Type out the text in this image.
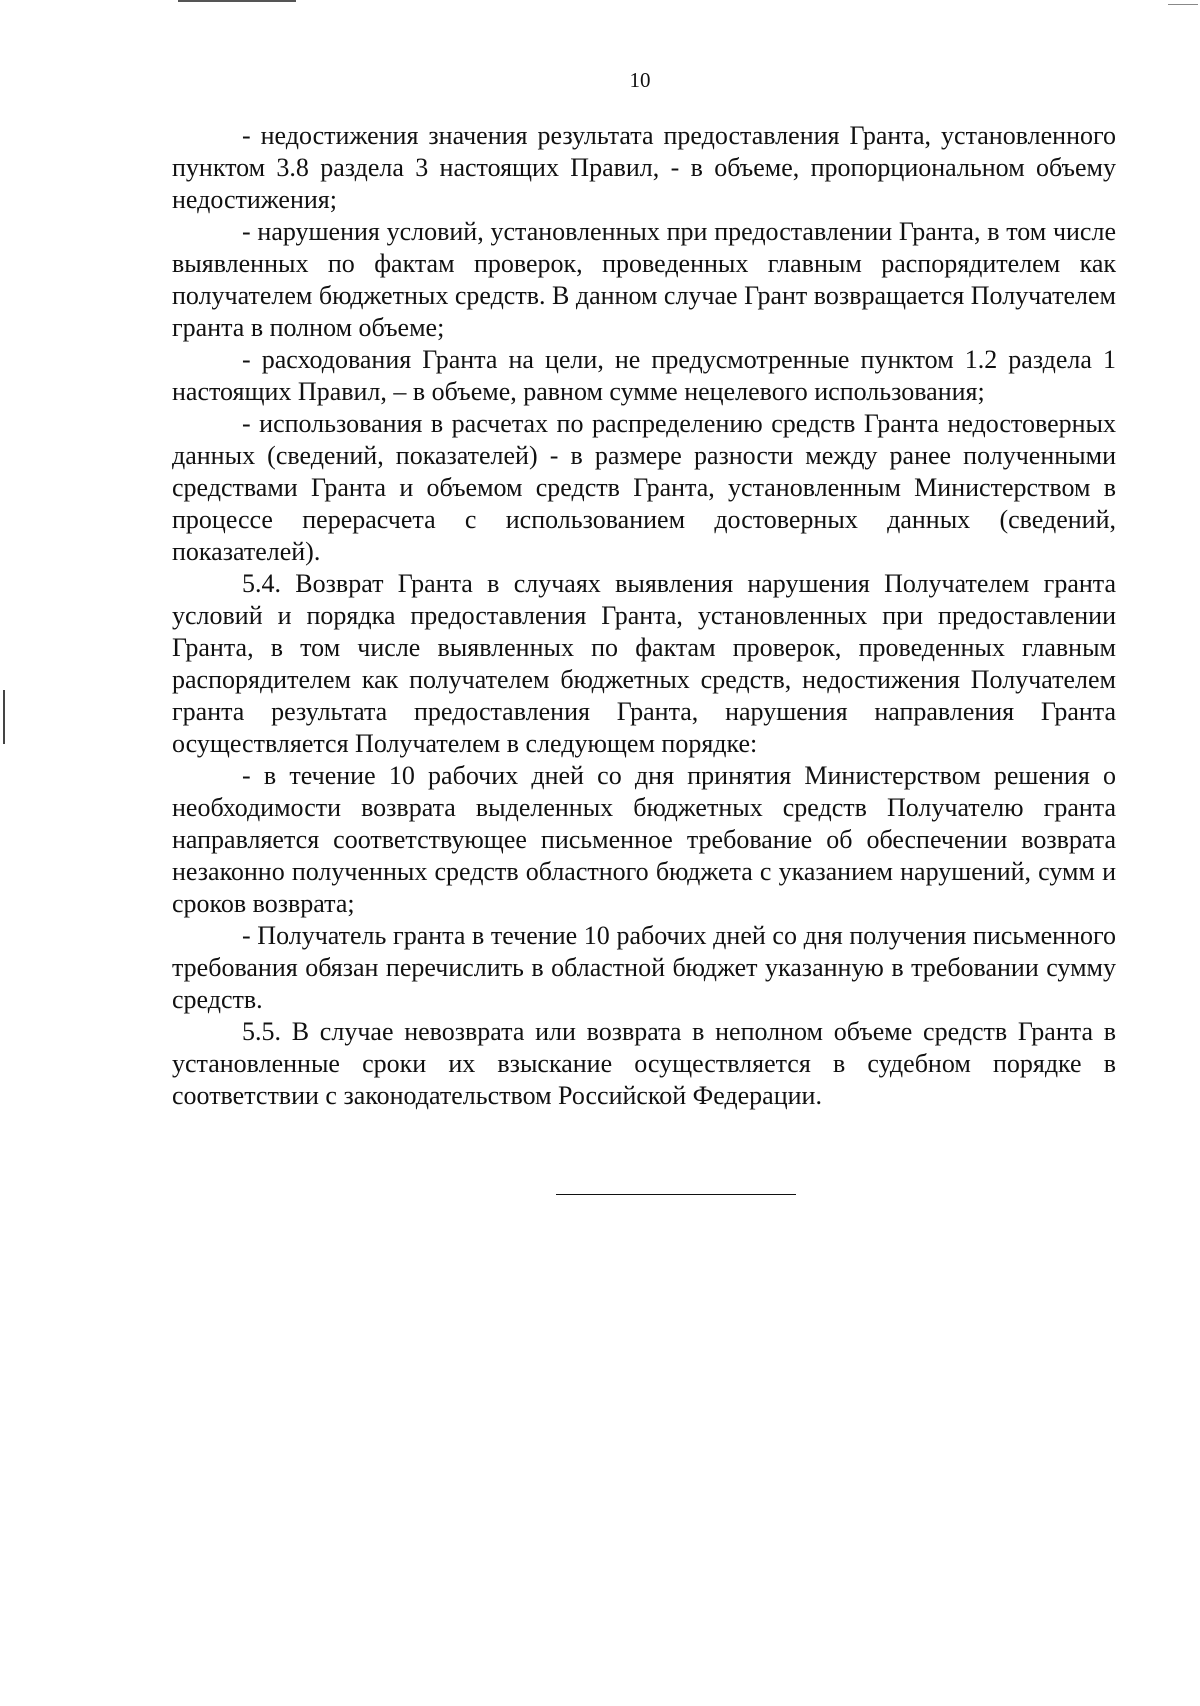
10

- недостижения значения результата предоставления Гранта, установленного пунктом 3.8 раздела 3 настоящих Правил, - в объеме, пропорциональном объему недостижения;

- нарушения условий, установленных при предоставлении Гранта, в том числе выявленных по фактам проверок, проведенных главным распорядителем как получателем бюджетных средств. В данном случае Грант возвращается Получателем гранта в полном объеме;

- расходования Гранта на цели, не предусмотренные пунктом 1.2 раздела 1 настоящих Правил, – в объеме, равном сумме нецелевого использования;

- использования в расчетах по распределению средств Гранта недостоверных данных (сведений, показателей) - в размере разности между ранее полученными средствами Гранта и объемом средств Гранта, установленным Министерством в процессе перерасчета с использованием достоверных данных (сведений, показателей).

5.4. Возврат Гранта в случаях выявления нарушения Получателем гранта условий и порядка предоставления Гранта, установленных при предоставлении Гранта, в том числе выявленных по фактам проверок, проведенных главным распорядителем как получателем бюджетных средств, недостижения Получателем гранта результата предоставления Гранта, нарушения направления Гранта осуществляется Получателем в следующем порядке:

- в течение 10 рабочих дней со дня принятия Министерством решения о необходимости возврата выделенных бюджетных средств Получателю гранта направляется соответствующее письменное требование об обеспечении возврата незаконно полученных средств областного бюджета с указанием нарушений, сумм и сроков возврата;

- Получатель гранта в течение 10 рабочих дней со дня получения письменного требования обязан перечислить в областной бюджет указанную в требовании сумму средств.

5.5. В случае невозврата или возврата в неполном объеме средств Гранта в установленные сроки их взыскание осуществляется в судебном порядке в соответствии с законодательством Российской Федерации.
